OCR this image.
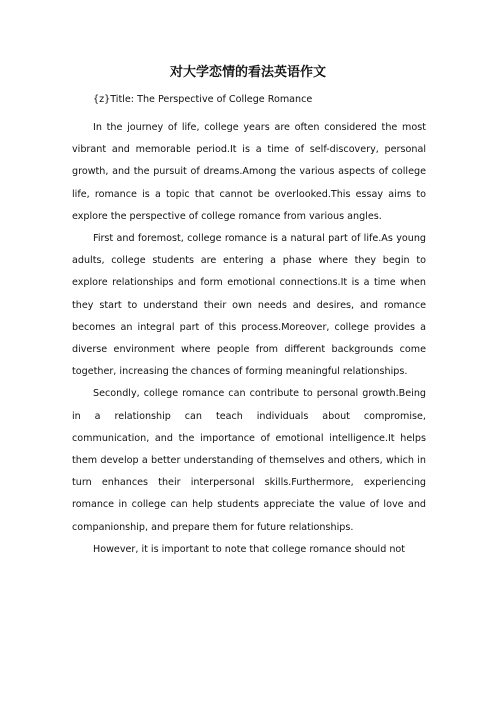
对大学恋情的看法英语作文
{z}Title: The Perspective of College Romance

In the journey of life, college years are often considered the most vibrant and memorable period.It is a time of self-discovery, personal growth, and the pursuit of dreams.Among the various aspects of college life, romance is a topic that cannot be overlooked.This essay aims to explore the perspective of college romance from various angles.

First and foremost, college romance is a natural part of life.As young adults, college students are entering a phase where they begin to explore relationships and form emotional connections.It is a time when they start to understand their own needs and desires, and romance becomes an integral part of this process.Moreover, college provides a diverse environment where people from different backgrounds come together, increasing the chances of forming meaningful relationships.

Secondly, college romance can contribute to personal growth.Being in a relationship can teach individuals about compromise, communication, and the importance of emotional intelligence.It helps them develop a better understanding of themselves and others, which in turn enhances their interpersonal skills.Furthermore, experiencing romance in college can help students appreciate the value of love and companionship, and prepare them for future relationships.

However, it is important to note that college romance should not
